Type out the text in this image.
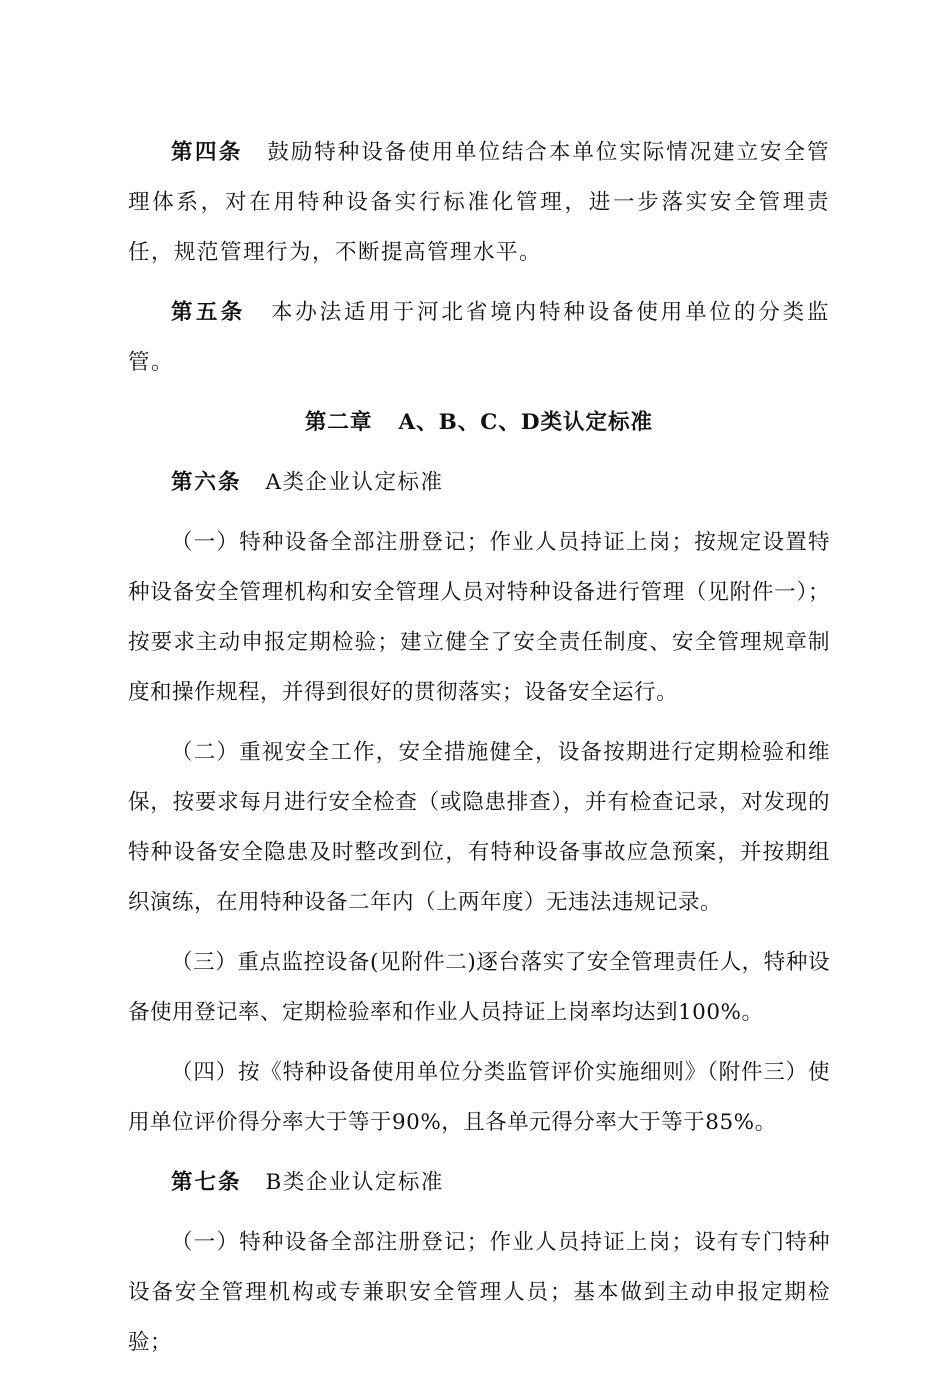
第四条 鼓励特种设备使用单位结合本单位实际情况建立安全管理体系，对在用特种设备实行标准化管理，进一步落实安全管理责任，规范管理行为，不断提高管理水平。

第五条 本办法适用于河北省境内特种设备使用单位的分类监管。

第二章 A、B、C、D类认定标准

第六条 A类企业认定标准

（一）特种设备全部注册登记；作业人员持证上岗；按规定设置特种设备安全管理机构和安全管理人员对特种设备进行管理（见附件一）；按要求主动申报定期检验；建立健全了安全责任制度、安全管理规章制度和操作规程，并得到很好的贯彻落实；设备安全运行。

（二）重视安全工作，安全措施健全，设备按期进行定期检验和维保，按要求每月进行安全检查（或隐患排查），并有检查记录，对发现的特种设备安全隐患及时整改到位，有特种设备事故应急预案，并按期组织演练，在用特种设备二年内（上两年度）无违法违规记录。

（三）重点监控设备(见附件二)逐台落实了安全管理责任人，特种设备使用登记率、定期检验率和作业人员持证上岗率均达到100%。

（四）按《特种设备使用单位分类监管评价实施细则》（附件三）使用单位评价得分率大于等于90%，且各单元得分率大于等于85%。

第七条 B类企业认定标准

（一）特种设备全部注册登记；作业人员持证上岗；设有专门特种设备安全管理机构或专兼职安全管理人员；基本做到主动申报定期检验；
